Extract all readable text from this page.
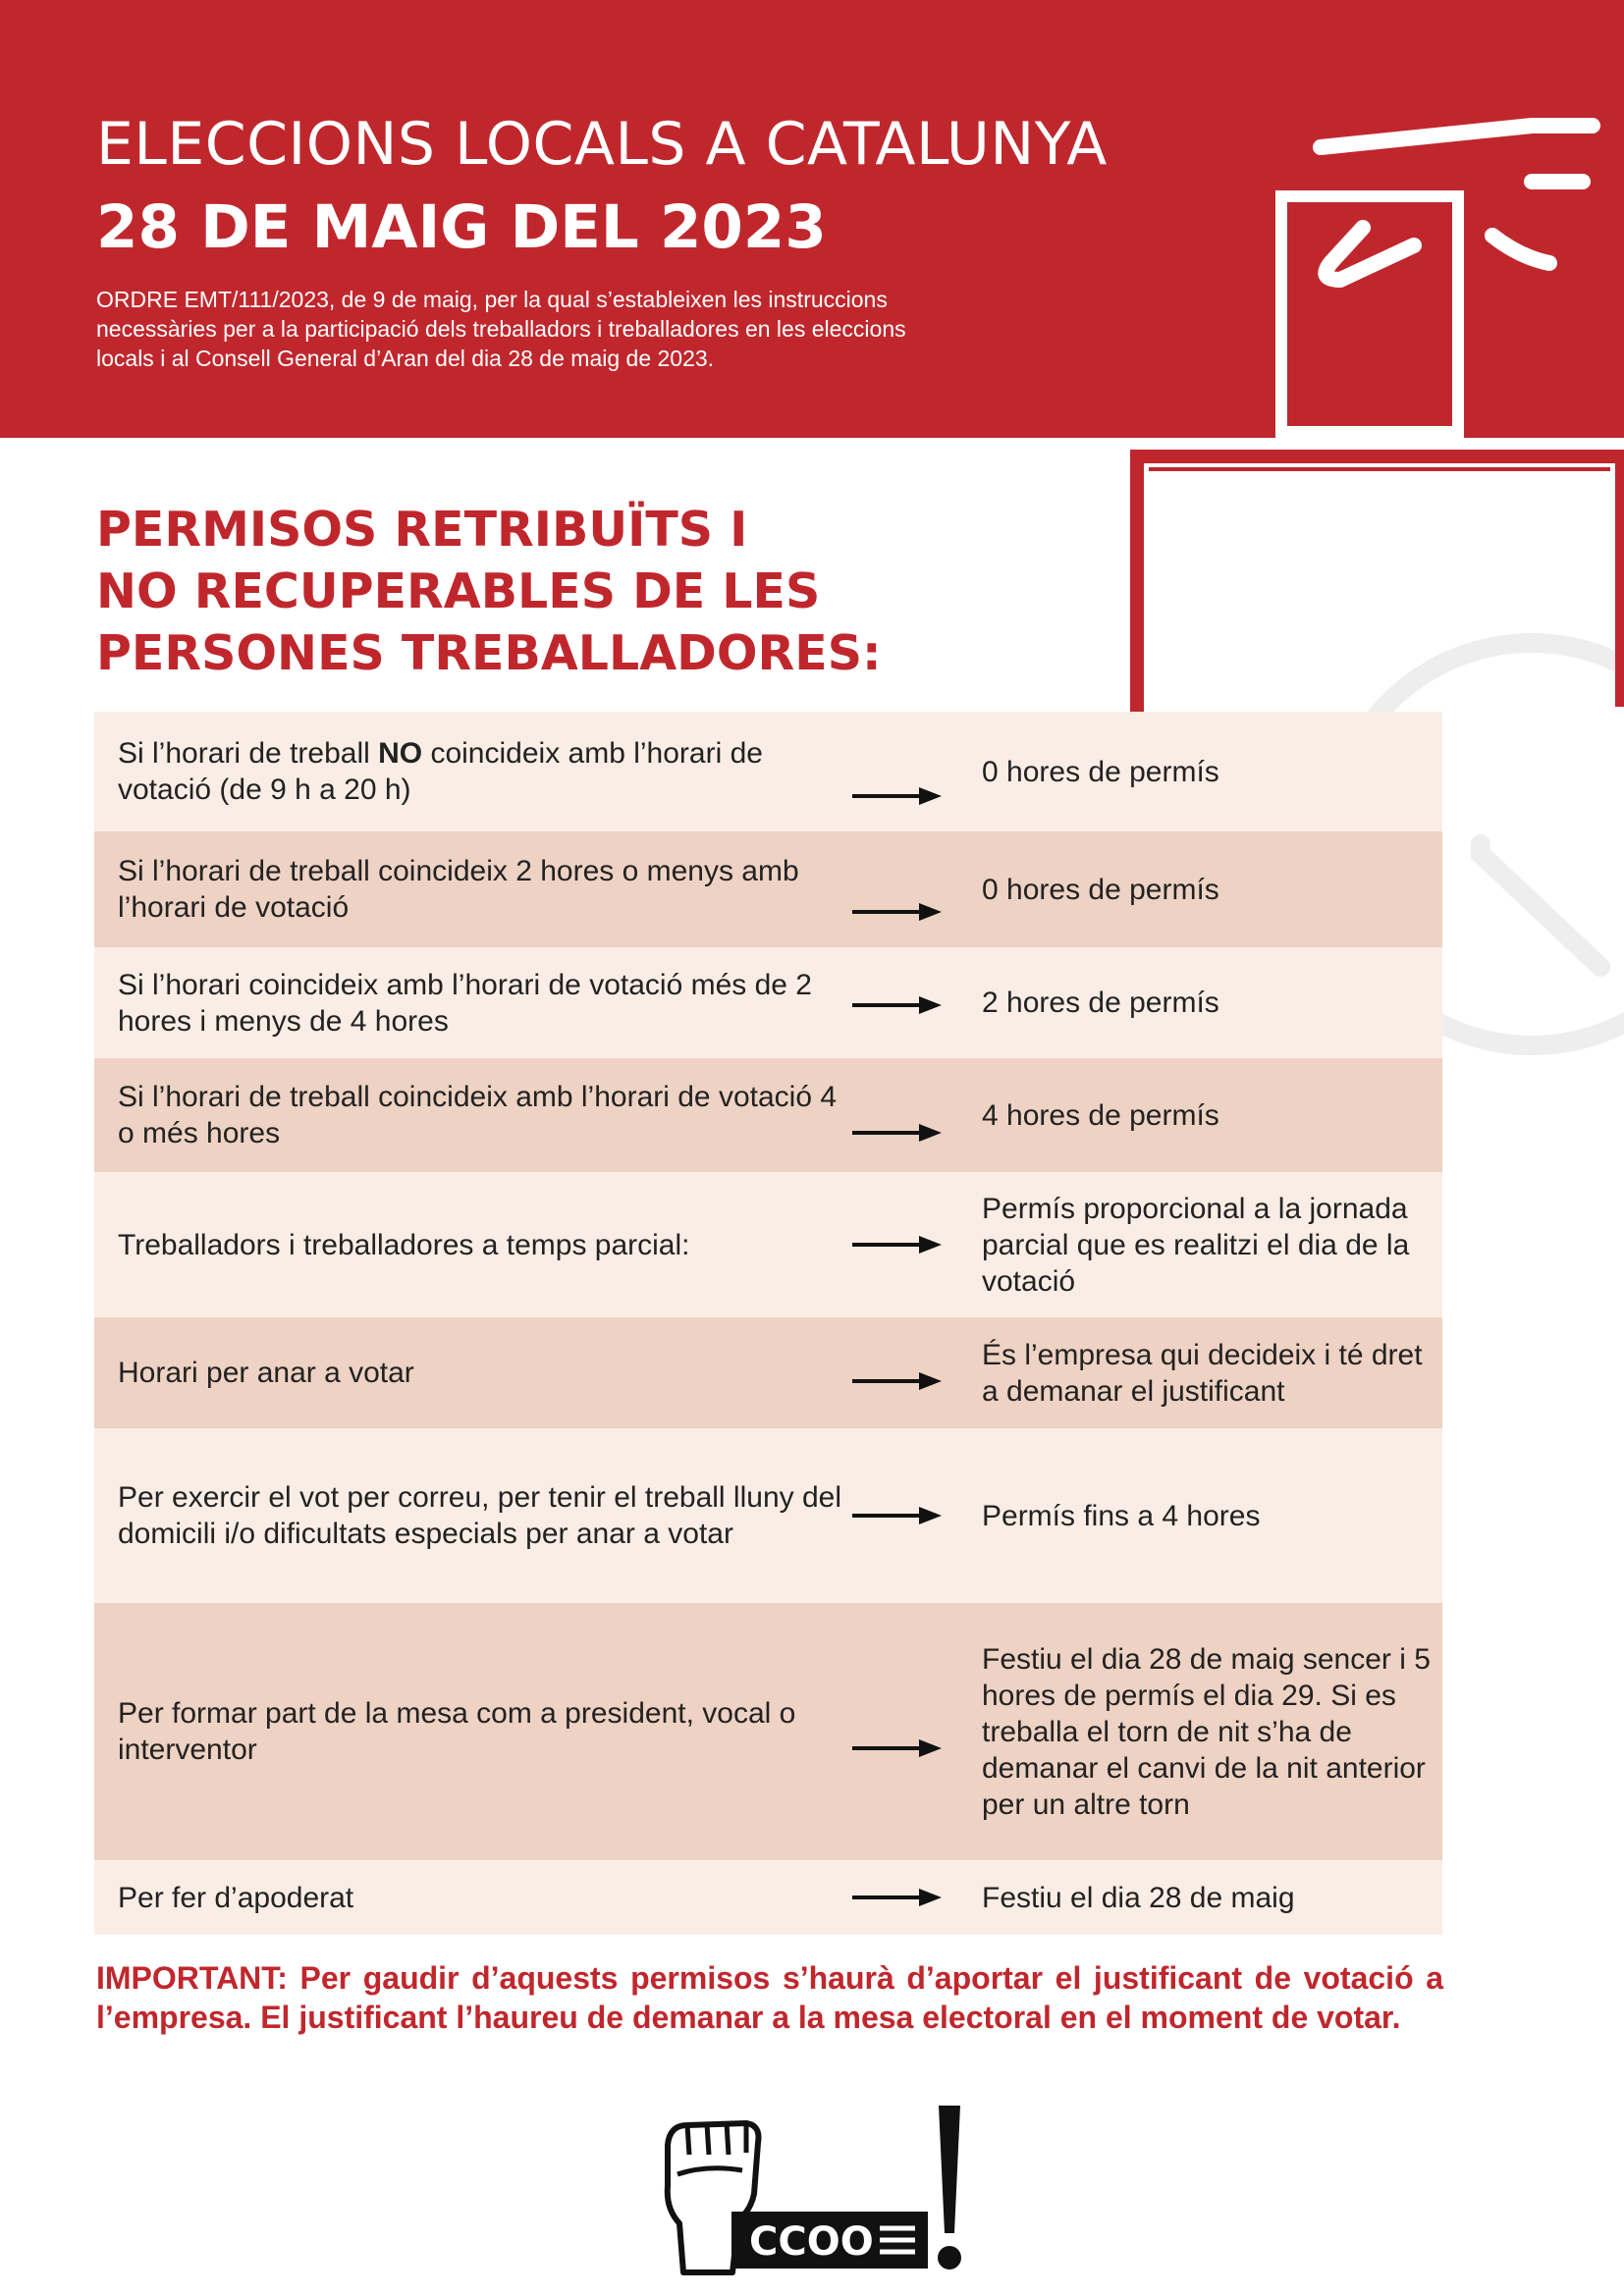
ELECCIONS LOCALS A CATALUNYA
28 DE MAIG DEL 2023
ORDRE EMT/111/2023, de 9 de maig, per la qual s’estableixen les instruccions necessàries per a la participació dels treballadors i treballadores en les eleccions locals i al Consell General d’Aran del dia 28 de maig de 2023.
PERMISOS RETRIBUÏTS I
NO RECUPERABLES DE LES
PERSONES TREBALLADORES:
Si l’horari de treball NO coincideix amb l’horari de votació (de 9 h a 20 h)
0 hores de permís
Si l’horari de treball coincideix 2 hores o menys amb l’horari de votació
0 hores de permís
Si l’horari coincideix amb l’horari de votació més de 2 hores i menys de 4 hores
2 hores de permís
Si l’horari de treball coincideix amb l’horari de votació 4 o més hores
4 hores de permís
Treballadors i treballadores a temps parcial:
Permís proporcional a la jornada parcial que es realitzi el dia de la votació
Horari per anar a votar
És l’empresa qui decideix i té dret a demanar el justificant
Per exercir el vot per correu, per tenir el treball lluny del domicili i/o dificultats especials per anar a votar
Permís fins a 4 hores
Per formar part de la mesa com a president, vocal o interventor
Festiu el dia 28 de maig sencer i 5 hores de permís el dia 29. Si es treballa el torn de nit s’ha de demanar el canvi de la nit anterior per un altre torn
Per fer d’apoderat	Festiu el dia 28 de maig
IMPORTANT: Per gaudir d’aquests permisos s’haurà d’aportar el justificant de votació a l’empresa. El justificant l’haureu de demanar a la mesa electoral en el moment de votar.
CCOO
